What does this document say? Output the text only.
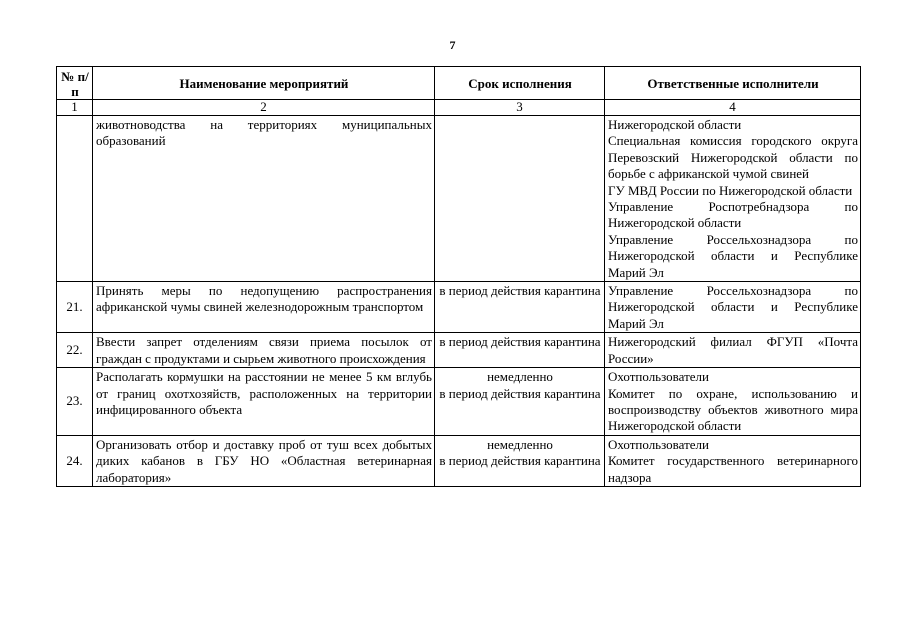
7
№ п/п	Наименование мероприятий	Срок исполнения	Ответственные исполнители
1	2	3	4
	животноводства на территориях муниципальных образований		Нижегородской области
Специальная комиссия городского округа Перевозский Нижегородской области по борьбе с африканской чумой свиней
ГУ МВД России по Нижегородской области
Управление Роспотребнадзора по Нижегородской области
Управление Россельхознадзора по Нижегородской области и Республике Марий Эл

21.	Принять меры по недопущению распространения африканской чумы свиней железнодорожным транспортом	в период действия карантина	Управление Россельхознадзора по Нижегородской области и Республике Марий Эл

22.	Ввести запрет отделениям связи приема посылок от граждан с продуктами и сырьем животного происхождения	в период действия карантина	Нижегородский филиал ФГУП «Почта России»

23.	Располагать кормушки на расстоянии не менее 5 км вглубь от границ охотхозяйств, расположенных на территории инфицированного объекта	немедленно
в период действия карантина	Охотпользователи
Комитет по охране, использованию и воспроизводству объектов животного мира Нижегородской области

24.	Организовать отбор и доставку проб от туш всех добытых диких кабанов в ГБУ НО «Областная ветеринарная лаборатория»	немедленно
в период действия карантина	Охотпользователи
Комитет государственного ветеринарного надзора
